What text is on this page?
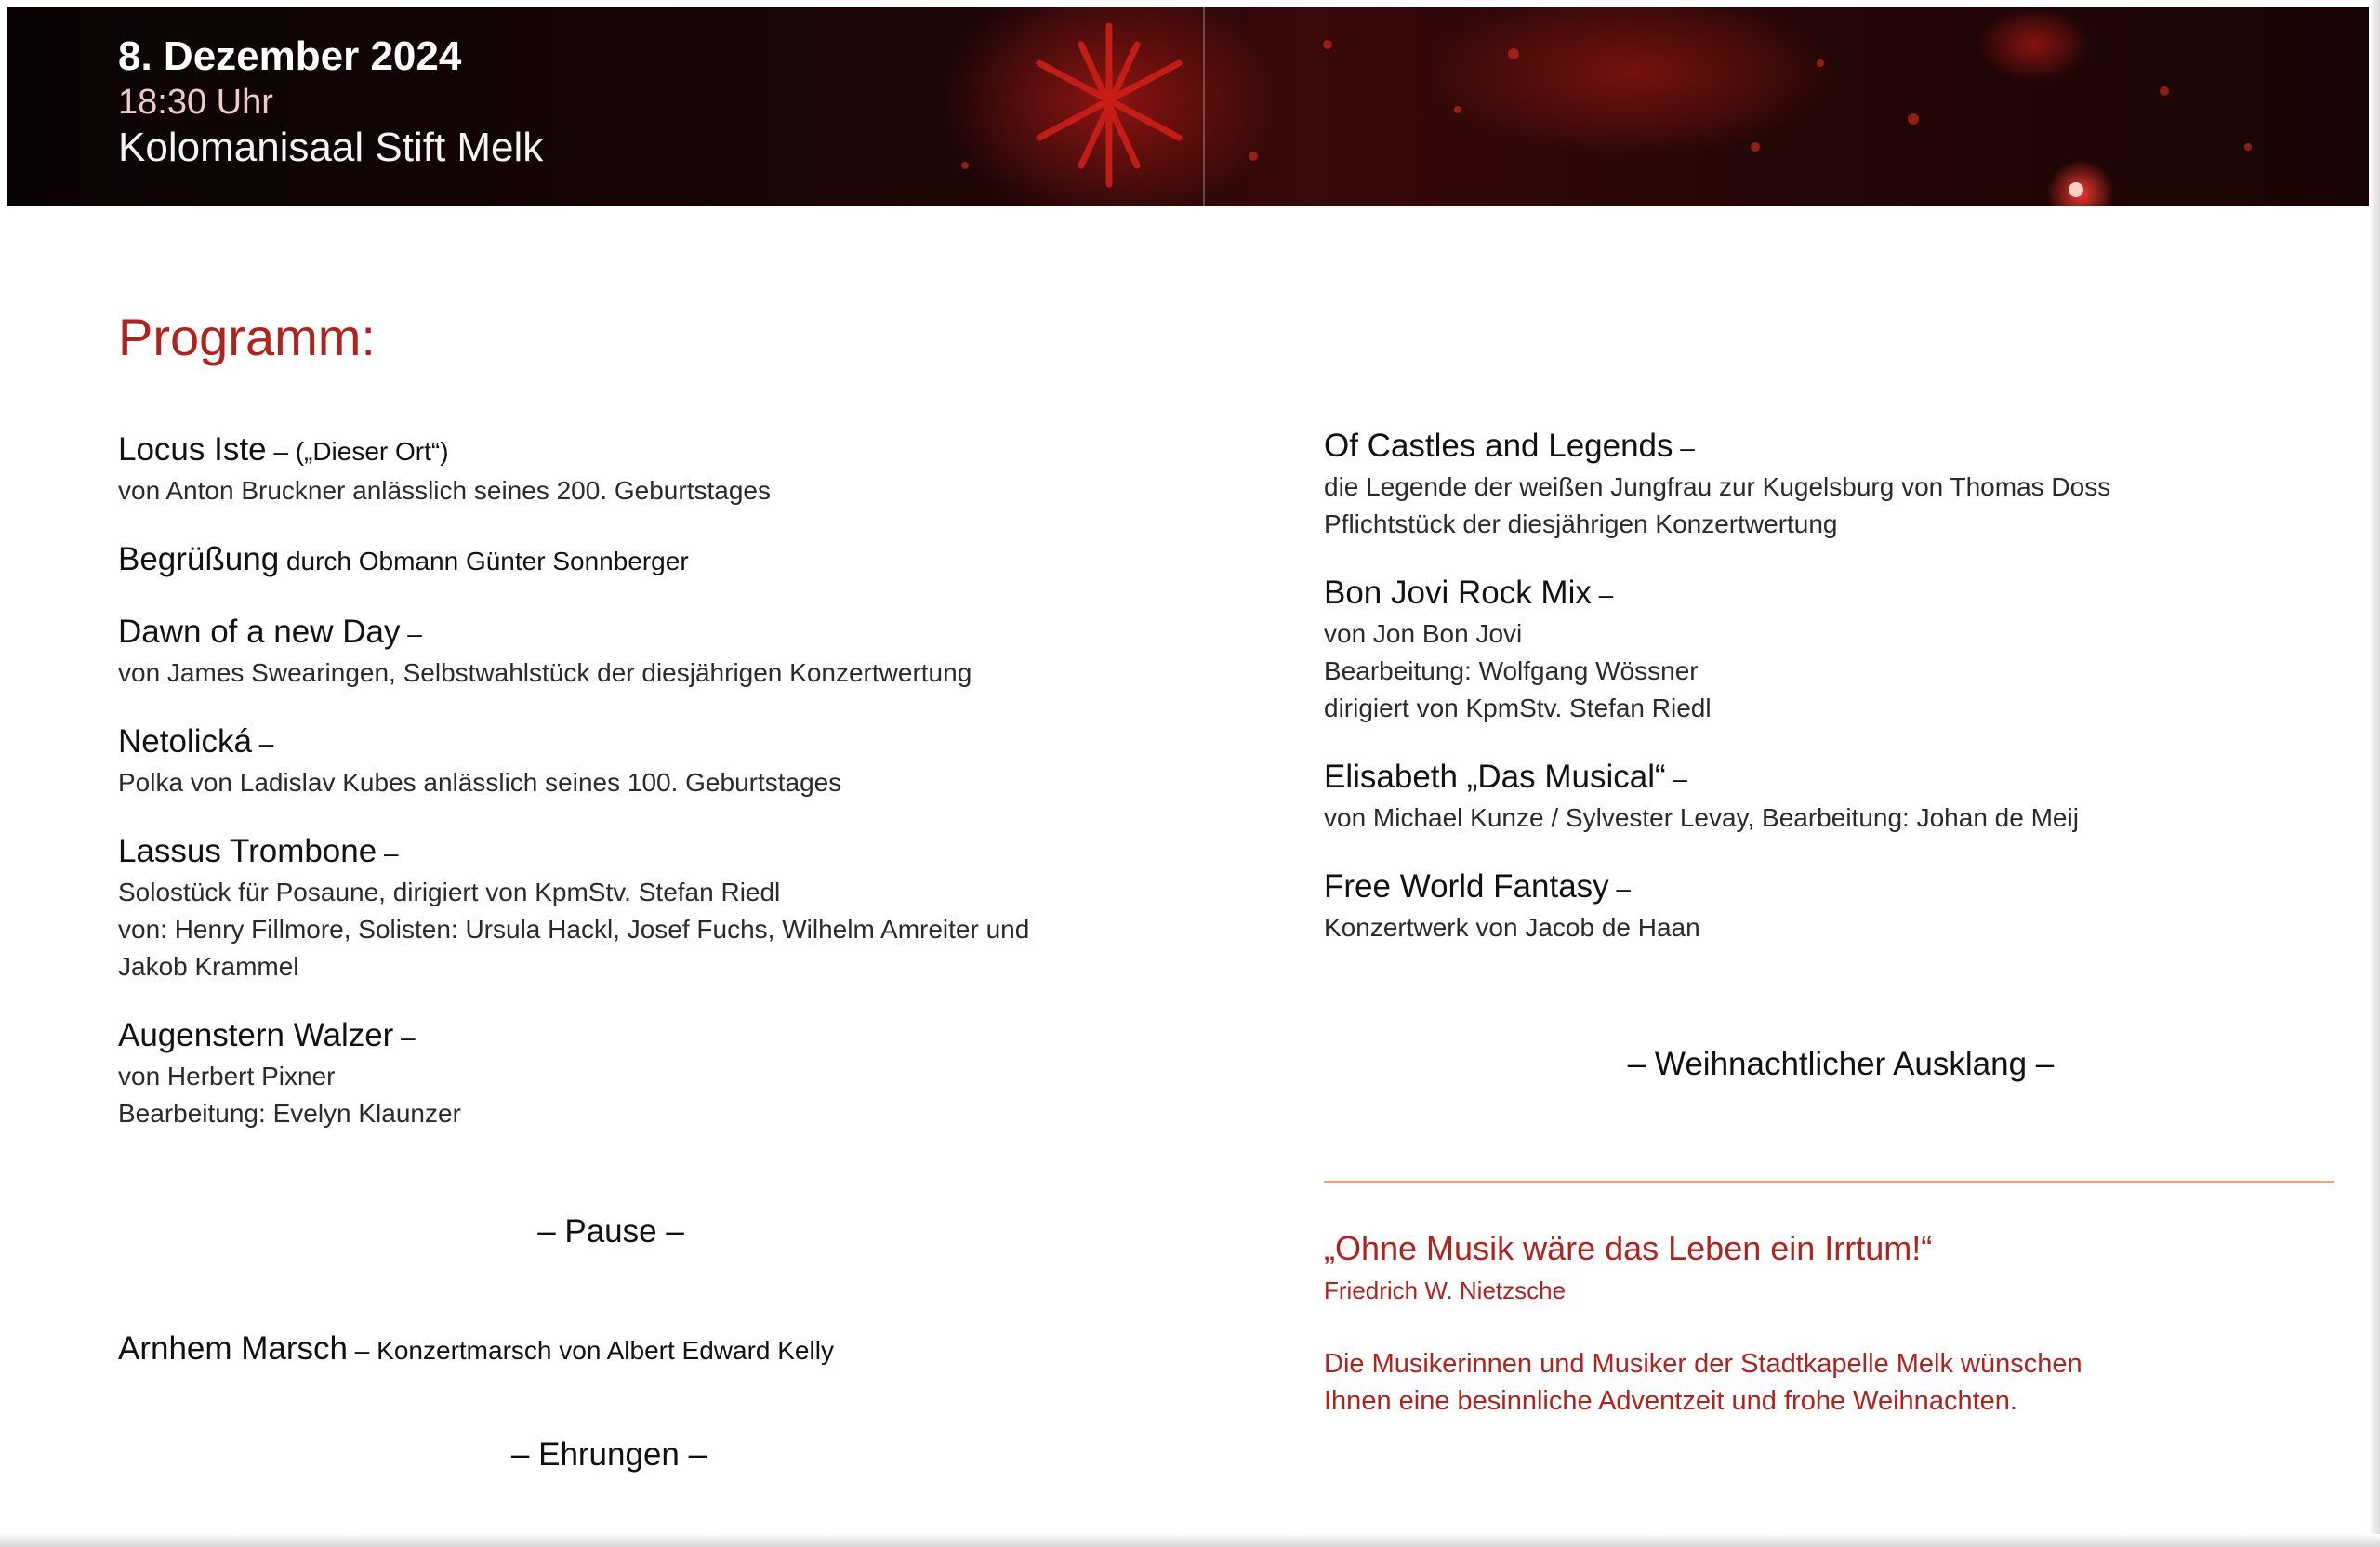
8. Dezember 2024
18:30 Uhr
Kolomanisaal Stift Melk
Programm:
Locus Iste – („Dieser Ort“)
von Anton Bruckner anlässlich seines 200. Geburtstages
Begrüßung durch Obmann Günter Sonnberger
Dawn of a new Day –
von James Swearingen, Selbstwahlstück der diesjährigen Konzertwertung
Netolická –
Polka von Ladislav Kubes anlässlich seines 100. Geburtstages
Lassus Trombone –
Solostück für Posaune, dirigiert von KpmStv. Stefan Riedl
von: Henry Fillmore, Solisten: Ursula Hackl, Josef Fuchs, Wilhelm Amreiter und
Jakob Krammel
Augenstern Walzer –
von Herbert Pixner
Bearbeitung: Evelyn Klaunzer
– Pause –
Arnhem Marsch – Konzertmarsch von Albert Edward Kelly
– Ehrungen –
Of Castles and Legends –
die Legende der weißen Jungfrau zur Kugelsburg von Thomas Doss
Pflichtstück der diesjährigen Konzertwertung
Bon Jovi Rock Mix –
von Jon Bon Jovi
Bearbeitung: Wolfgang Wössner
dirigiert von KpmStv. Stefan Riedl
Elisabeth „Das Musical“ –
von Michael Kunze / Sylvester Levay, Bearbeitung: Johan de Meij
Free World Fantasy –
Konzertwerk von Jacob de Haan
– Weihnachtlicher Ausklang –
„Ohne Musik wäre das Leben ein Irrtum!“
Friedrich W. Nietzsche
Die Musikerinnen und Musiker der Stadtkapelle Melk wünschen
Ihnen eine besinnliche Adventzeit und frohe Weihnachten.
